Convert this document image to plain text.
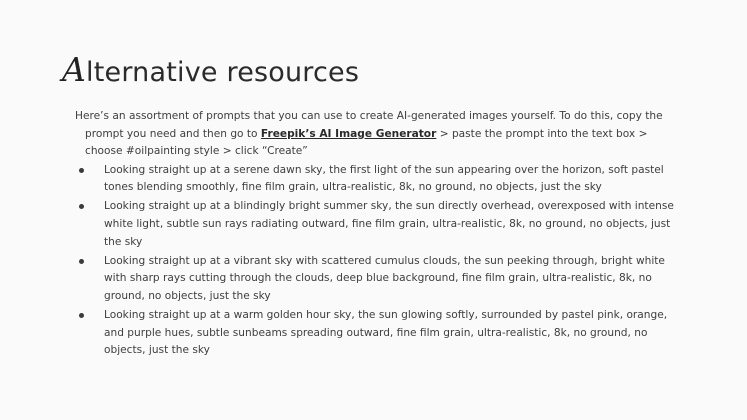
Alternative resources

Here’s an assortment of prompts that you can use to create AI-generated images yourself. To do this, copy the prompt you need and then go to Freepik’s AI Image Generator > paste the prompt into the text box > choose #oilpainting style > click “Create”

Looking straight up at a serene dawn sky, the first light of the sun appearing over the horizon, soft pastel tones blending smoothly, fine film grain, ultra-realistic, 8k, no ground, no objects, just the sky
Looking straight up at a blindingly bright summer sky, the sun directly overhead, overexposed with intense white light, subtle sun rays radiating outward, fine film grain, ultra-realistic, 8k, no ground, no objects, just the sky
Looking straight up at a vibrant sky with scattered cumulus clouds, the sun peeking through, bright white with sharp rays cutting through the clouds, deep blue background, fine film grain, ultra-realistic, 8k, no ground, no objects, just the sky
Looking straight up at a warm golden hour sky, the sun glowing softly, surrounded by pastel pink, orange, and purple hues, subtle sunbeams spreading outward, fine film grain, ultra-realistic, 8k, no ground, no objects, just the sky
